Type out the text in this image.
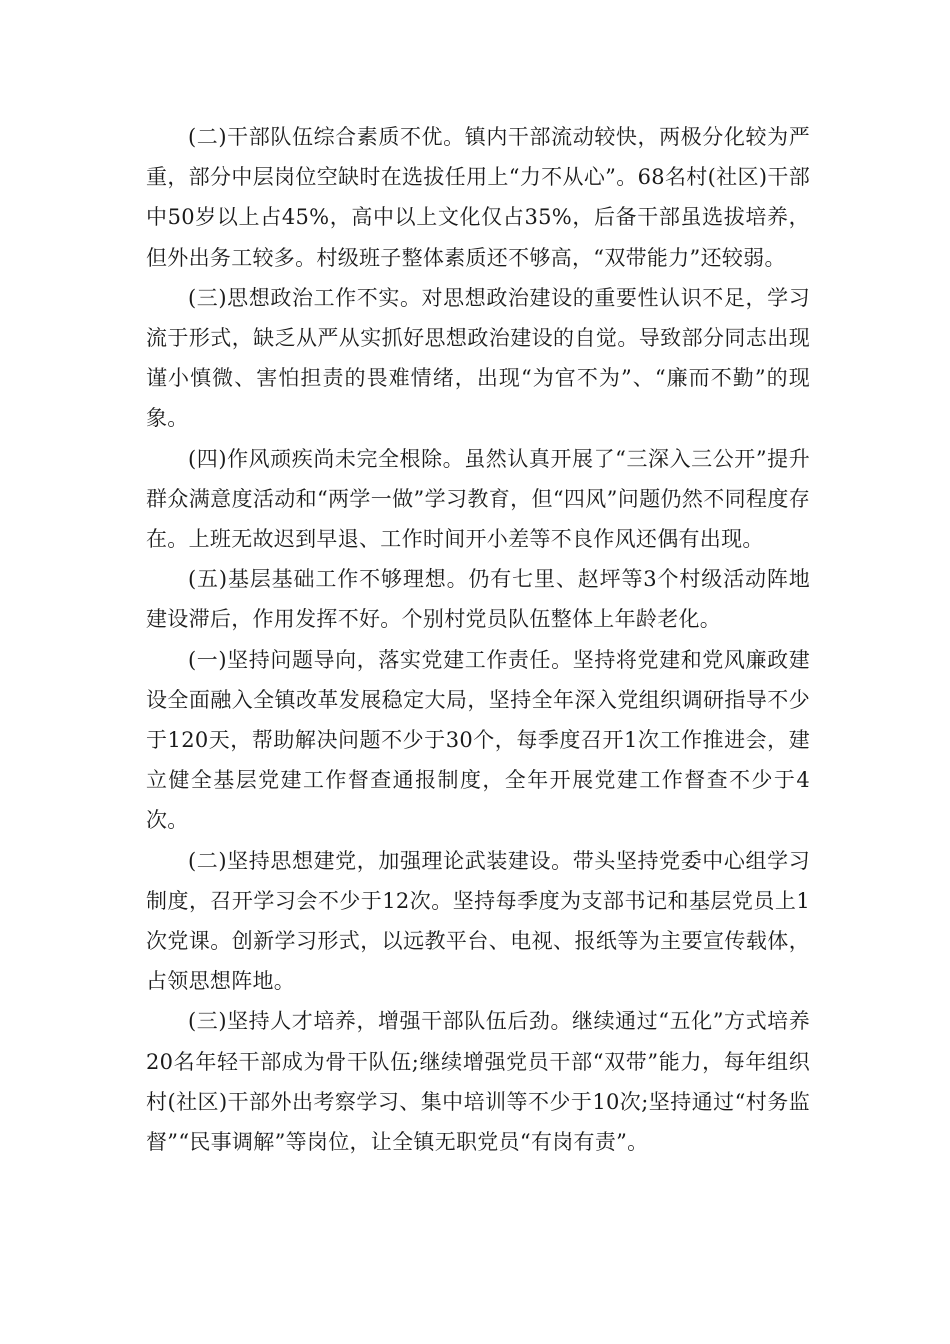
(二)干部队伍综合素质不优。镇内干部流动较快，两极分化较为严重，部分中层岗位空缺时在选拔任用上“力不从心”。68名村(社区)干部中50岁以上占45%，高中以上文化仅占35%，后备干部虽选拔培养，但外出务工较多。村级班子整体素质还不够高，“双带能力”还较弱。

(三)思想政治工作不实。对思想政治建设的重要性认识不足，学习流于形式，缺乏从严从实抓好思想政治建设的自觉。导致部分同志出现谨小慎微、害怕担责的畏难情绪，出现“为官不为”、“廉而不勤”的现象。

(四)作风顽疾尚未完全根除。虽然认真开展了“三深入三公开”提升群众满意度活动和“两学一做”学习教育，但“四风”问题仍然不同程度存在。上班无故迟到早退、工作时间开小差等不良作风还偶有出现。

(五)基层基础工作不够理想。仍有七里、赵坪等3个村级活动阵地建设滞后，作用发挥不好。个别村党员队伍整体上年龄老化。

(一)坚持问题导向，落实党建工作责任。坚持将党建和党风廉政建设全面融入全镇改革发展稳定大局，坚持全年深入党组织调研指导不少于120天，帮助解决问题不少于30个，每季度召开1次工作推进会，建立健全基层党建工作督查通报制度，全年开展党建工作督查不少于4次。

(二)坚持思想建党，加强理论武装建设。带头坚持党委中心组学习制度，召开学习会不少于12次。坚持每季度为支部书记和基层党员上1次党课。创新学习形式，以远教平台、电视、报纸等为主要宣传载体，占领思想阵地。

(三)坚持人才培养，增强干部队伍后劲。继续通过“五化”方式培养20名年轻干部成为骨干队伍;继续增强党员干部“双带”能力，每年组织村(社区)干部外出考察学习、集中培训等不少于10次;坚持通过“村务监督”“民事调解”等岗位，让全镇无职党员“有岗有责”。
